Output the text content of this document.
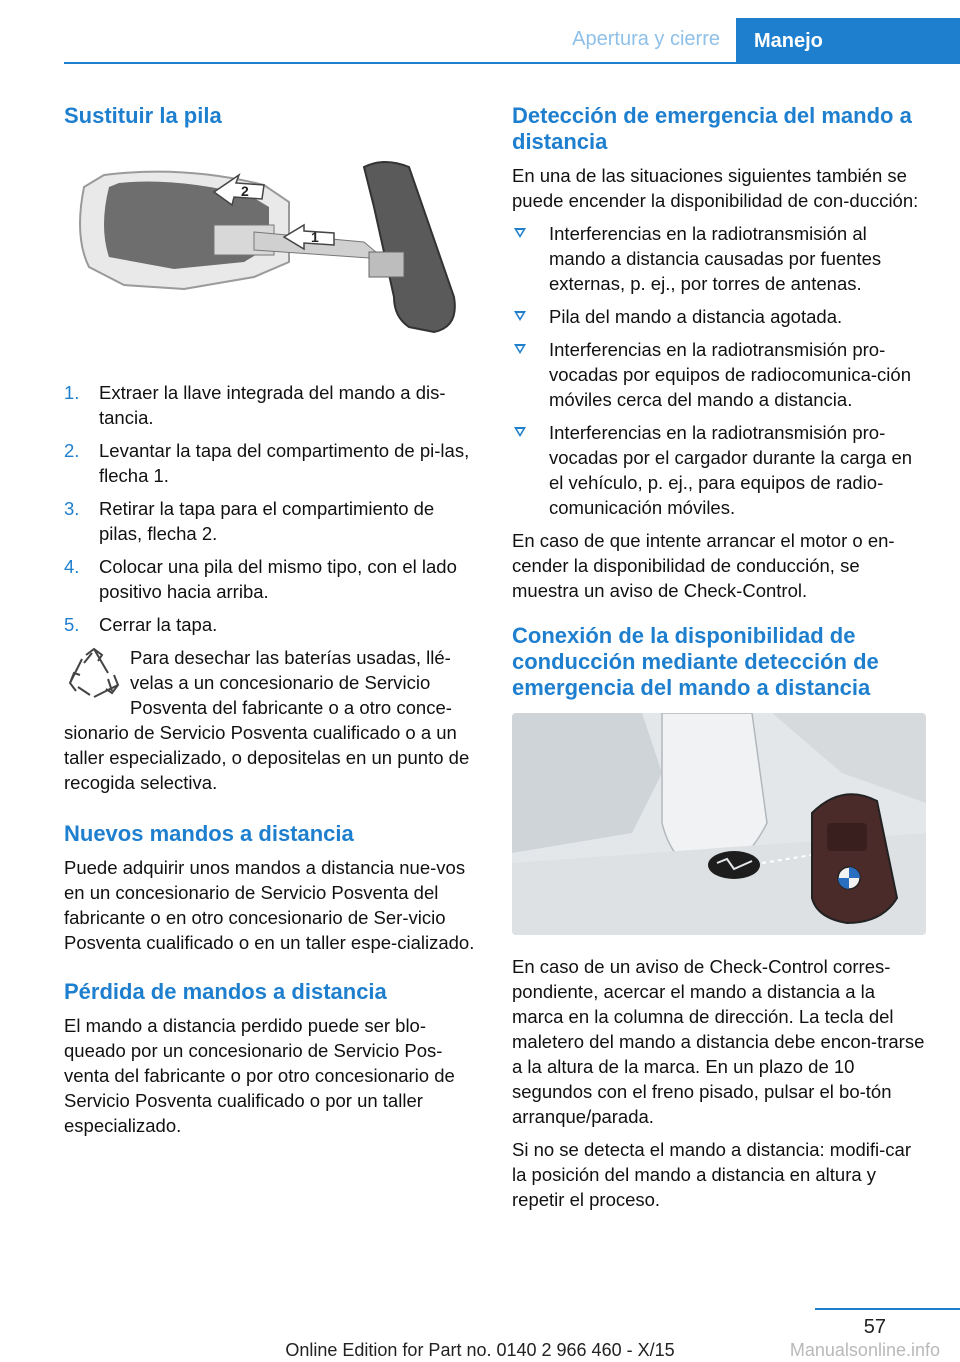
Apertura y cierre	Manejo
Sustituir la pila
2
1
1. Extraer la llave integrada del mando a dis-tancia.
2. Levantar la tapa del compartimento de pi-las, flecha 1.
3. Retirar la tapa para el compartimiento de pilas, flecha 2.
4. Colocar una pila del mismo tipo, con el lado positivo hacia arriba.
5. Cerrar la tapa.

Para desechar las baterías usadas, llé-velas a un concesionario de Servicio Posventa del fabricante o a otro conce-sionario de Servicio Posventa cualificado o a un taller especializado, o depositelas en un punto de recogida selectiva.

Nuevos mandos a distancia

Puede adquirir unos mandos a distancia nue-vos en un concesionario de Servicio Posventa del fabricante o en otro concesionario de Ser-vicio Posventa cualificado o en un taller espe-cializado.

Pérdida de mandos a distancia

El mando a distancia perdido puede ser blo-queado por un concesionario de Servicio Pos-venta del fabricante o por otro concesionario de Servicio Posventa cualificado o por un taller especializado.

Detección de emergencia del mando a distancia

En una de las situaciones siguientes también se puede encender la disponibilidad de con-ducción:

Interferencias en la radiotransmisión al mando a distancia causadas por fuentes externas, p. ej., por torres de antenas.
Pila del mando a distancia agotada.
Interferencias en la radiotransmisión pro-vocadas por equipos de radiocomunica-ción móviles cerca del mando a distancia.
Interferencias en la radiotransmisión pro-vocadas por el cargador durante la carga en el vehículo, p. ej., para equipos de radio-comunicación móviles.

En caso de que intente arrancar el motor o en-cender la disponibilidad de conducción, se muestra un aviso de Check-Control.

Conexión de la disponibilidad de conducción mediante detección de emergencia del mando a distancia

En caso de un aviso de Check-Control corres-pondiente, acercar el mando a distancia a la marca en la columna de dirección. La tecla del maletero del mando a distancia debe encon-trarse a la altura de la marca. En un plazo de 10 segundos con el freno pisado, pulsar el bo-tón arranque/parada.

Si no se detecta el mando a distancia: modifi-car la posición del mando a distancia en altura y repetir el proceso.

57
Online Edition for Part no. 0140 2 966 460 - X/15	Manualsonline.info
